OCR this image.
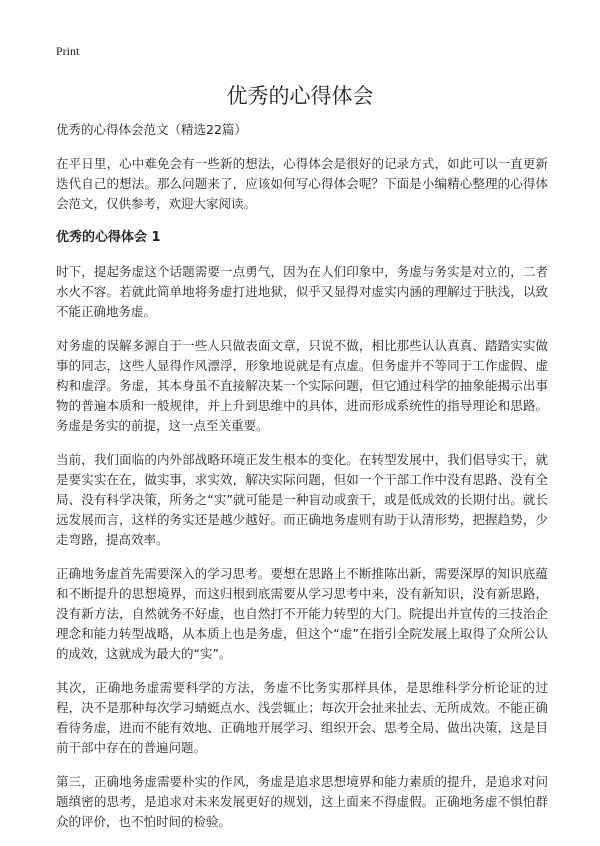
Print
优秀的心得体会

优秀的心得体会范文（精选22篇）

在平日里，心中难免会有一些新的想法，心得体会是很好的记录方式，如此可以一直更新迭代自己的想法。那么问题来了，应该如何写心得体会呢？下面是小编精心整理的心得体会范文，仅供参考，欢迎大家阅读。

优秀的心得体会 1

时下，提起务虚这个话题需要一点勇气，因为在人们印象中，务虚与务实是对立的，二者水火不容。若就此简单地将务虚打进地狱，似乎又显得对虚实内涵的理解过于肤浅，以致不能正确地务虚。

对务虚的误解多源自于一些人只做表面文章，只说不做，相比那些认认真真、踏踏实实做事的同志，这些人显得作风漂浮，形象地说就是有点虚。但务虚并不等同于工作虚假、虚构和虚浮。务虚，其本身虽不直接解决某一个实际问题，但它通过科学的抽象能揭示出事物的普遍本质和一般规律，并上升到思维中的具体，进而形成系统性的指导理论和思路。务虚是务实的前提，这一点至关重要。

当前，我们面临的内外部战略环境正发生根本的变化。在转型发展中，我们倡导实干，就是要实实在在，做实事，求实效，解决实际问题，但如一个干部工作中没有思路、没有全局、没有科学决策，所务之“实”就可能是一种盲动或蛮干，或是低成效的长期付出。就长远发展而言，这样的务实还是越少越好。而正确地务虚则有助于认清形势，把握趋势，少走弯路，提高效率。

正确地务虚首先需要深入的学习思考。要想在思路上不断推陈出新，需要深厚的知识底蕴和不断提升的思想境界，而这归根到底需要从学习思考中来，没有新知识，没有新思路，没有新方法，自然就务不好虚，也自然打不开能力转型的大门。院提出并宣传的三技治企理念和能力转型战略，从本质上也是务虚，但这个“虚”在指引全院发展上取得了众所公认的成效，这就成为最大的“实”。

其次，正确地务虚需要科学的方法，务虚不比务实那样具体，是思维科学分析论证的过程，决不是那种每次学习蜻蜓点水、浅尝辄止；每次开会扯来扯去、无所成效。不能正确看待务虚，进而不能有效地、正确地开展学习、组织开会、思考全局、做出决策，这是目前干部中存在的普遍问题。

第三，正确地务虚需要朴实的作风，务虚是追求思想境界和能力素质的提升，是追求对问题缜密的思考，是追求对未来发展更好的规划，这上面来不得虚假。正确地务虚不惧怕群众的评价，也不怕时间的检验。
